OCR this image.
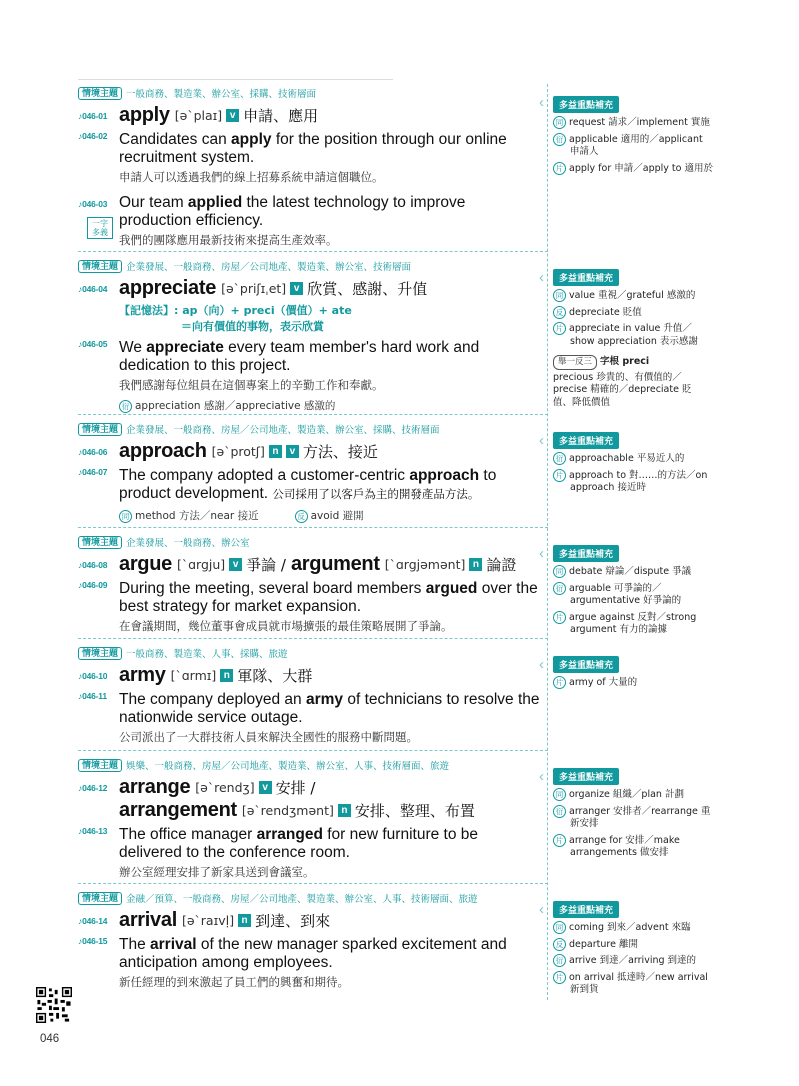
情境主題 一般商務、製造業、辦公室、採購、技術層面
♪046-01 apply [əˋplaɪ] v 申請、應用
♪046-02 Candidates can apply for the position through our online recruitment system.
申請人可以透過我們的線上招募系統申請這個職位。
♪046-03
一字多義
Our team applied the latest technology to improve production efficiency.
我們的團隊應用最新技術來提高生產效率。
‹	多益重點補充
同 request 請求／implement 實施
衍 applicable 適用的／applicant
申請人
片 apply for 申請／apply to 適用於
情境主題 企業發展、一般商務、房屋／公司地產、製造業、辦公室、技術層面
♪046-04 appreciate [əˋpriʃɪˌet] v 欣賞、感謝、升值
【記憶法】: ap（向）+ preci（價值）+ ate
＝向有價值的事物，表示欣賞
♪046-05 We appreciate every team member's hard work and dedication to this project.
我們感謝每位組員在這個專案上的辛勤工作和奉獻。
衍 appreciation 感謝／appreciative 感激的
‹	多益重點補充
同 value 重視／grateful 感激的
反 depreciate 貶值
片 appreciate in value 升值／
show appreciation 表示感謝
舉一反三 字根 preci
precious 珍貴的、有價值的／
precise 精確的／depreciate 貶
值、降低價值
情境主題 企業發展、一般商務、房屋／公司地產、製造業、辦公室、採購、技術層面
♪046-06 approach [əˋprotʃ] n	v 方法、接近
♪046-07 The company adopted a customer-centric approach to product development. 公司採用了以客戶為主的開發產品方法。
同 method 方法／near 接近	反 avoid 避開
‹	多益重點補充
衍 approachable 平易近人的
片 approach to 對……的方法／on
approach 接近時
情境主題 企業發展、一般商務、辦公室
♪046-08 argue [ˋɑrgju] v 爭論 / argument [ˋɑrgjəmənt] n 論證
♪046-09 During the meeting, several board members argued over the best strategy for market expansion.
在會議期間，幾位董事會成員就市場擴張的最佳策略展開了爭論。
‹	多益重點補充
同 debate 辯論／dispute 爭議
衍 arguable 可爭論的／
argumentative 好爭論的
片 argue against 反對／strong
argument 有力的論據
情境主題 一般商務、製造業、人事、採購、旅遊
♪046-10 army [ˋɑrmɪ] n 軍隊、大群
♪046-11 The company deployed an army of technicians to resolve the nationwide service outage.
公司派出了一大群技術人員來解決全國性的服務中斷問題。
‹	多益重點補充
片 army of 大量的
情境主題 娛樂、一般商務、房屋／公司地產、製造業、辦公室、人事、技術層面、旅遊
♪046-12 arrange [əˋrendʒ] v 安排 /
arrangement [əˋrendʒmənt] n 安排、整理、布置
♪046-13 The office manager arranged for new furniture to be delivered to the conference room.
辦公室經理安排了新家具送到會議室。
‹	多益重點補充
同 organize 組織／plan 計劃
衍 arranger 安排者／rearrange 重
新安排
片 arrange for 安排／make
arrangements 做安排
情境主題 金融／預算、一般商務、房屋／公司地產、製造業、辦公室、人事、技術層面、旅遊
♪046-14 arrival [əˋraɪvḷ] n 到達、到來
♪046-15 The arrival of the new manager sparked excitement and anticipation among employees.
新任經理的到來激起了員工們的興奮和期待。
‹	多益重點補充
同 coming 到來／advent 來臨
反 departure 離開
衍 arrive 到達／arriving 到達的
片 on arrival 抵達時／new arrival
新到貨
046
